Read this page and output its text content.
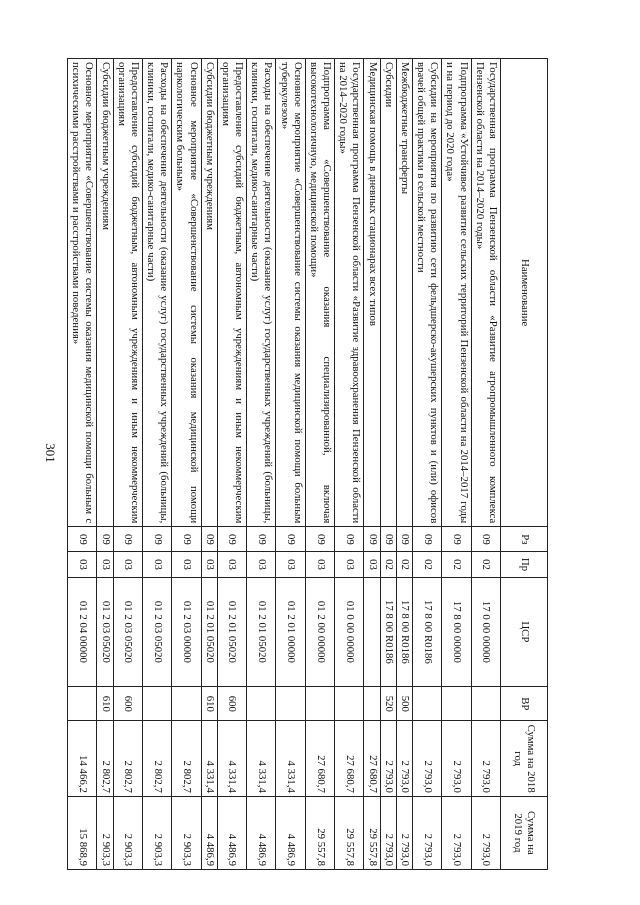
301
Наименование	Рз	Пр	ЦСР	ВР	Сумма на 2018 год	Сумма на 2019 год
Государственная программа Пензенской области «Развитие агропромышленного комплекса Пензенской области на 2014–2020 годы»	09	02	17 0 00 00000		2 793,0	2 793,0
Подпрограмма «Устойчивое развитие сельских территорий Пензенской области на 2014–2017 годы и на период до 2020 года»	09	02	17 8 00 00000		2 793,0	2 793,0
Субсидии на мероприятия по развитию сети фельдшерско-акушерских пунктов и (или) офисов врачей общей практики в сельской местности	09	02	17 8 00 R0186		2 793,0	2 793,0
Межбюджетные трансферты	09	02	17 8 00 R0186	500	2 793,0	2 793,0
Субсидии	09	02	17 8 00 R0186	520	2 793,0	2 793,0
Медицинская помощь в дневных стационарах всех типов	09	03			27 680,7	29 557,8
Государственная программа Пензенской области «Развитие здравоохранения Пензенской области на 2014–2020 годы»	09	03	01 0 00 00000		27 680,7	29 557,8
Подпрограмма «Совершенствование оказания специализированной, включая высокотехнологичную, медицинской помощи»	09	03	01 2 00 00000		27 680,7	29 557,8
Основное мероприятие «Совершенствование системы оказания медицинской помощи больным туберкулезом»	09	03	01 2 01 00000		4 331,4	4 486,9
Расходы на обеспечение деятельности (оказание услуг) государственных учреждений (больницы, клиники, госпитали, медико-санитарные части)	09	03	01 2 01 05020		4 331,4	4 486,9
Предоставление субсидий бюджетным, автономным учреждениям и иным некоммерческим организациям	09	03	01 2 01 05020	600	4 331,4	4 486,9
Субсидии бюджетным учреждениям	09	03	01 2 01 05020	610	4 331,4	4 486,9
Основное мероприятие «Совершенствование системы оказания медицинской помощи наркологическим больным»	09	03	01 2 03 00000		2 802,7	2 903,3
Расходы на обеспечение деятельности (оказание услуг) государственных учреждений (больницы, клиники, госпитали, медико-санитарные части)	09	03	01 2 03 05020		2 802,7	2 903,3
Предоставление субсидий бюджетным, автономным учреждениям и иным некоммерческим организациям	09	03	01 2 03 05020	600	2 802,7	2 903,3
Субсидии бюджетным учреждениям	09	03	01 2 03 05020	610	2 802,7	2 903,3
Основное мероприятие «Совершенствование системы оказания медицинской помощи больным с психическими расстройствами и расстройствами поведения»	09	03	01 2 04 00000		14 466,2	15 868,9
